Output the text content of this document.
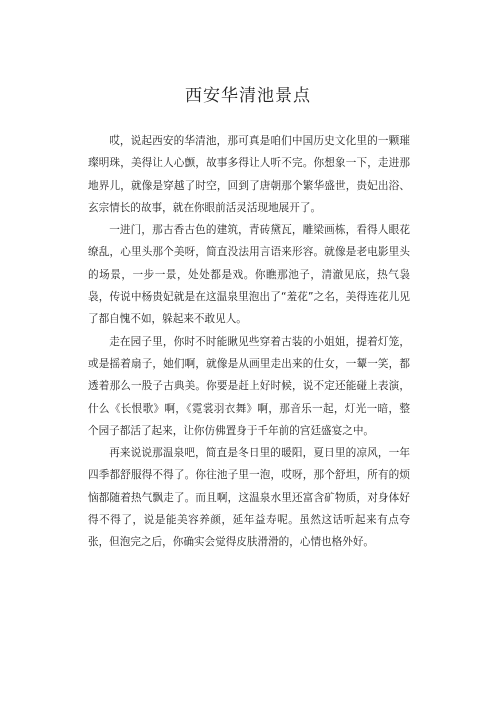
西安华清池景点

哎，说起西安的华清池，那可真是咱们中国历史文化里的一颗璀璨明珠，美得让人心颤，故事多得让人听不完。你想象一下，走进那地界儿，就像是穿越了时空，回到了唐朝那个繁华盛世，贵妃出浴、玄宗情长的故事，就在你眼前活灵活现地展开了。

一进门，那古香古色的建筑，青砖黛瓦，雕梁画栋，看得人眼花缭乱，心里头那个美呀，简直没法用言语来形容。就像是老电影里头的场景，一步一景，处处都是戏。你瞧那池子，清澈见底，热气袅袅，传说中杨贵妃就是在这温泉里泡出了“羞花”之名，美得连花儿见了都自愧不如，躲起来不敢见人。

走在园子里，你时不时能瞅见些穿着古装的小姐姐，提着灯笼，或是摇着扇子，她们啊，就像是从画里走出来的仕女，一颦一笑，都透着那么一股子古典美。你要是赶上好时候，说不定还能碰上表演，什么《长恨歌》啊，《霓裳羽衣舞》啊，那音乐一起，灯光一暗，整个园子都活了起来，让你仿佛置身于千年前的宫廷盛宴之中。

再来说说那温泉吧，简直是冬日里的暖阳，夏日里的凉风，一年四季都舒服得不得了。你往池子里一泡，哎呀，那个舒坦，所有的烦恼都随着热气飘走了。而且啊，这温泉水里还富含矿物质，对身体好得不得了，说是能美容养颜，延年益寿呢。虽然这话听起来有点夸张，但泡完之后，你确实会觉得皮肤滑滑的，心情也格外好。
